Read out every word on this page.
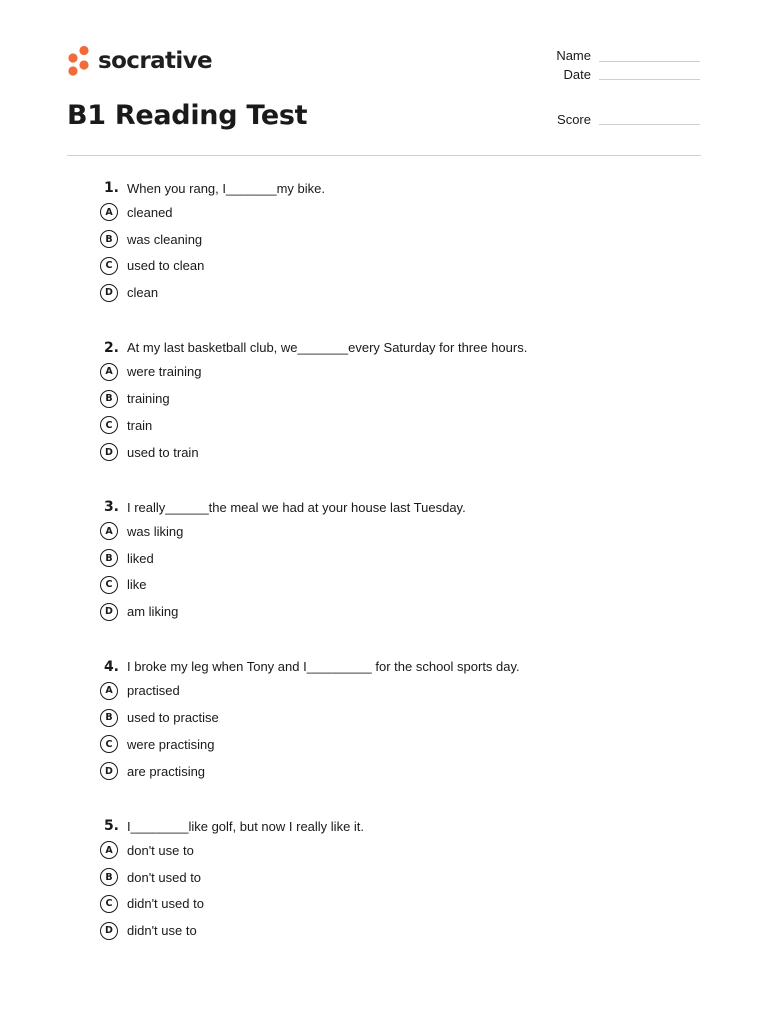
socrative
B1 Reading Test
Name
Date
Score
1. When you rang, I_______my bike.
A	cleaned
B	was cleaning
C	used to clean
D	clean
2. At my last basketball club, we_______every Saturday for three hours.
A	were training
B	training
C	train
D	used to train
3. I really______the meal we had at your house last Tuesday.
A	was liking
B	liked
C	like
D	am liking
4. I broke my leg when Tony and I_________ for the school sports day.
A	practised
B	used to practise
C	were practising
D	are practising
5. I________like golf, but now I really like it.
A	don't use to
B	don't used to
C	didn't used to
D	didn't use to
